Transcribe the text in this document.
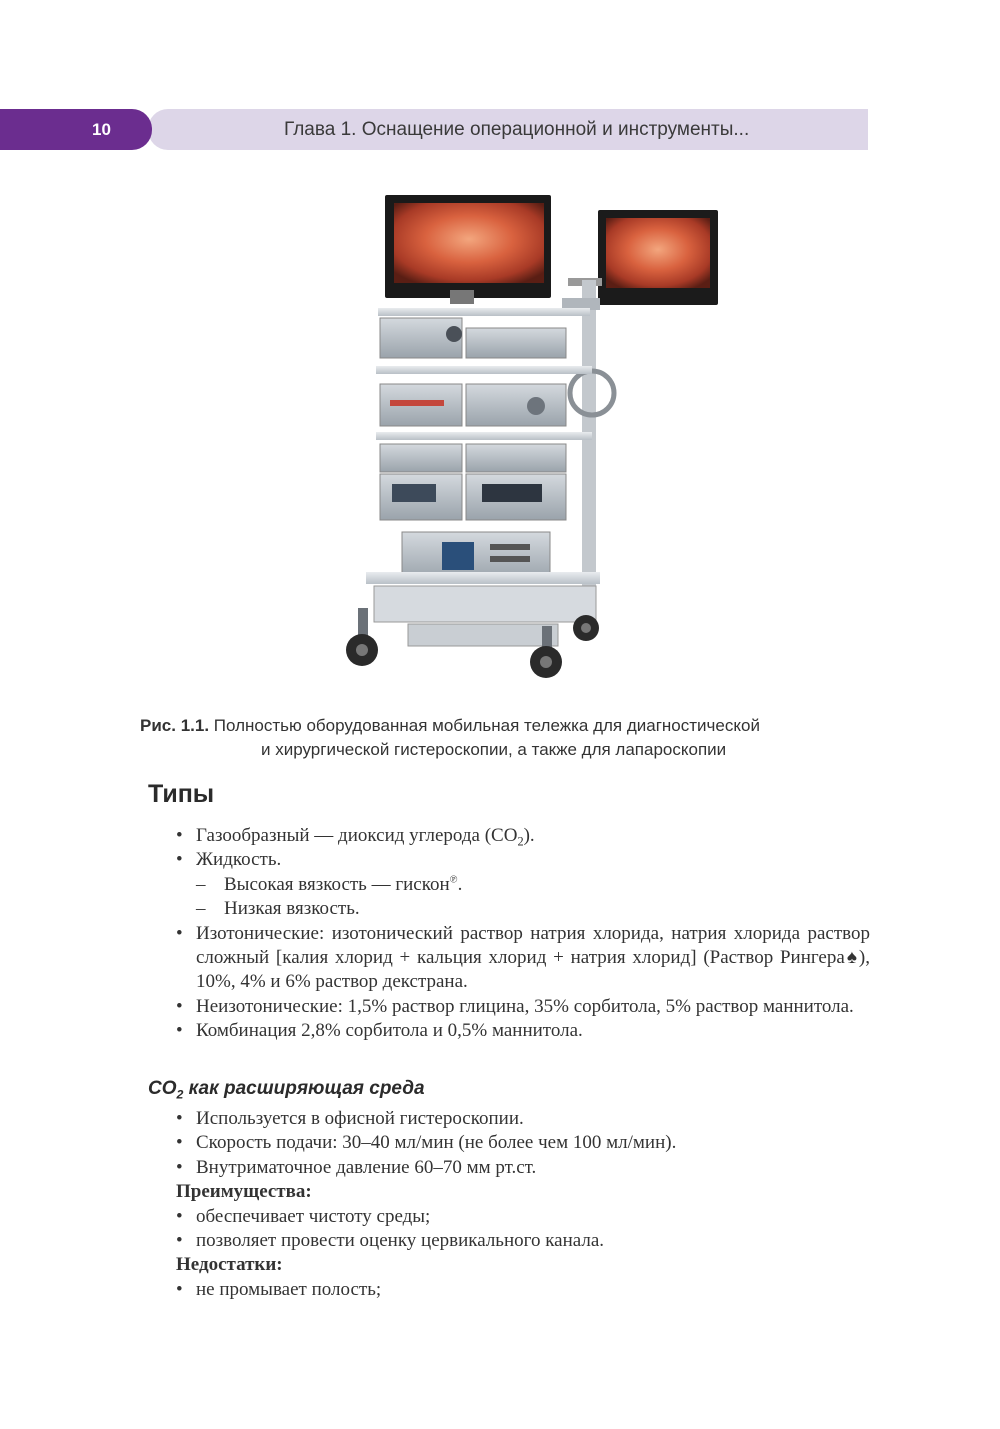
10	Глава 1. Оснащение операционной и инструменты...
Рис. 1.1. Полностью оборудованная мобильная тележка для диагностической
и хирургической гистероскопии, а также для лапароскопии
Типы
• Газообразный — диоксид углерода $(CO_2)$.
• Жидкость.
– Высокая вязкость — гискон℗.
– Низкая вязкость.
• Изотонические: изотонический раствор натрия хлорида, натрия хлорида раствор сложный [калия хлорид + кальция хлорид + натрия хлорид] (Раствор Рингера♠), 10%, 4% и 6% раствор декстрана.
• Неизотонические: 1,5% раствор глицина, 35% сорбитола, 5% раствор маннитола.
• Комбинация 2,8% сорбитола и 0,5% маннитола.
$CO_2$ как расширяющая среда
• Используется в офисной гистероскопии.
• Скорость подачи: 30–40 мл/мин (не более чем 100 мл/мин).
• Внутриматочное давление 60–70 мм рт.ст.
Преимущества:
• обеспечивает чистоту среды;
• позволяет провести оценку цервикального канала.
Недостатки:
• не промывает полость;
